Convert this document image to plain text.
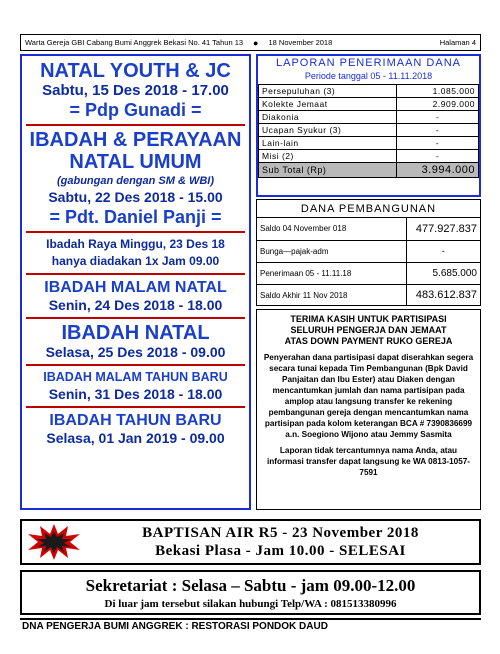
Warta Gereja GBI Cabang Bumi Anggrek Bekasi No. 41 Tahun 13 ● 18 November 2018	Halaman 4
NATAL YOUTH & JC
Sabtu, 15 Des 2018 - 17.00
= Pdp Gunadi =
IBADAH & PERAYAAN
NATAL UMUM
(gabungan dengan SM & WBI)
Sabtu, 22 Des 2018 - 15.00
= Pdt. Daniel Panji =
Ibadah Raya Minggu, 23 Des 18
hanya diadakan 1x Jam 09.00
IBADAH MALAM NATAL
Senin, 24 Des 2018 - 18.00
IBADAH NATAL
Selasa, 25 Des 2018 - 09.00
IBADAH MALAM TAHUN BARU
Senin, 31 Des 2018 - 18.00
IBADAH TAHUN BARU
Selasa, 01 Jan 2019 - 09.00
LAPORAN PENERIMAAN DANA
Periode tanggal 05 - 11.11.2018
Persepuluhan (3)	1.085.000
Kolekte Jemaat	2.909.000
Diakonia	-
Ucapan Syukur (3)	-
Lain-lain	-
Misi (2)	-
Sub Total (Rp)	3.994.000
DANA PEMBANGUNAN
Saldo 04 November 018	477.927.837
Bunga—pajak-adm	-
Penerimaan 05 - 11.11.18	5.685.000
Saldo Akhir 11 Nov 2018	483.612.837
TERIMA KASIH UNTUK PARTISIPASI
SELURUH PENGERJA DAN JEMAAT
ATAS DOWN PAYMENT RUKO GEREJA
Penyerahan dana partisipasi dapat diserahkan segera secara tunai kepada Tim Pembangunan (Bpk David Panjaitan dan Ibu Ester) atau Diaken dengan mencantumkan jumlah dan nama partisipan pada amplop atau langsung transfer ke rekening pembangunan gereja dengan mencantumkan nama partisipan pada kolom keterangan BCA # 7390836699 a.n. Soegiono Wijono atau Jemmy Sasmita
Laporan tidak tercantumnya nama Anda, atau informasi transfer dapat langsung ke WA 0813-1057-7591
BAPTISAN AIR R5 - 23 November 2018
Bekasi Plasa - Jam 10.00 - SELESAI
Sekretariat : Selasa – Sabtu - jam 09.00-12.00
Di luar jam tersebut silakan hubungi Telp/WA : 081513380996
DNA PENGERJA BUMI ANGGREK : RESTORASI PONDOK DAUD
